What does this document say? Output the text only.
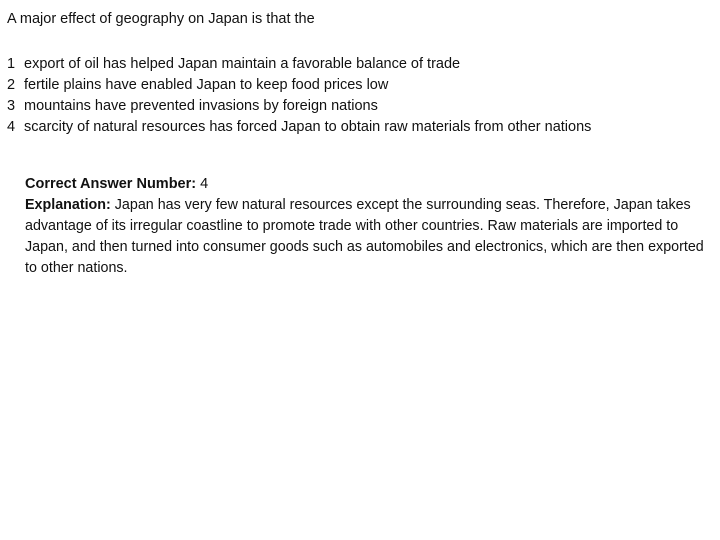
A major effect of geography on Japan is that the
1 export of oil has helped Japan maintain a favorable balance of trade
2 fertile plains have enabled Japan to keep food prices low
3 mountains have prevented invasions by foreign nations
4 scarcity of natural resources has forced Japan to obtain raw materials from other nations
Correct Answer Number: 4

Explanation: Japan has very few natural resources except the surrounding seas. Therefore, Japan takes advantage of its irregular coastline to promote trade with other countries. Raw materials are imported to Japan, and then turned into consumer goods such as automobiles and electronics, which are then exported to other nations.
